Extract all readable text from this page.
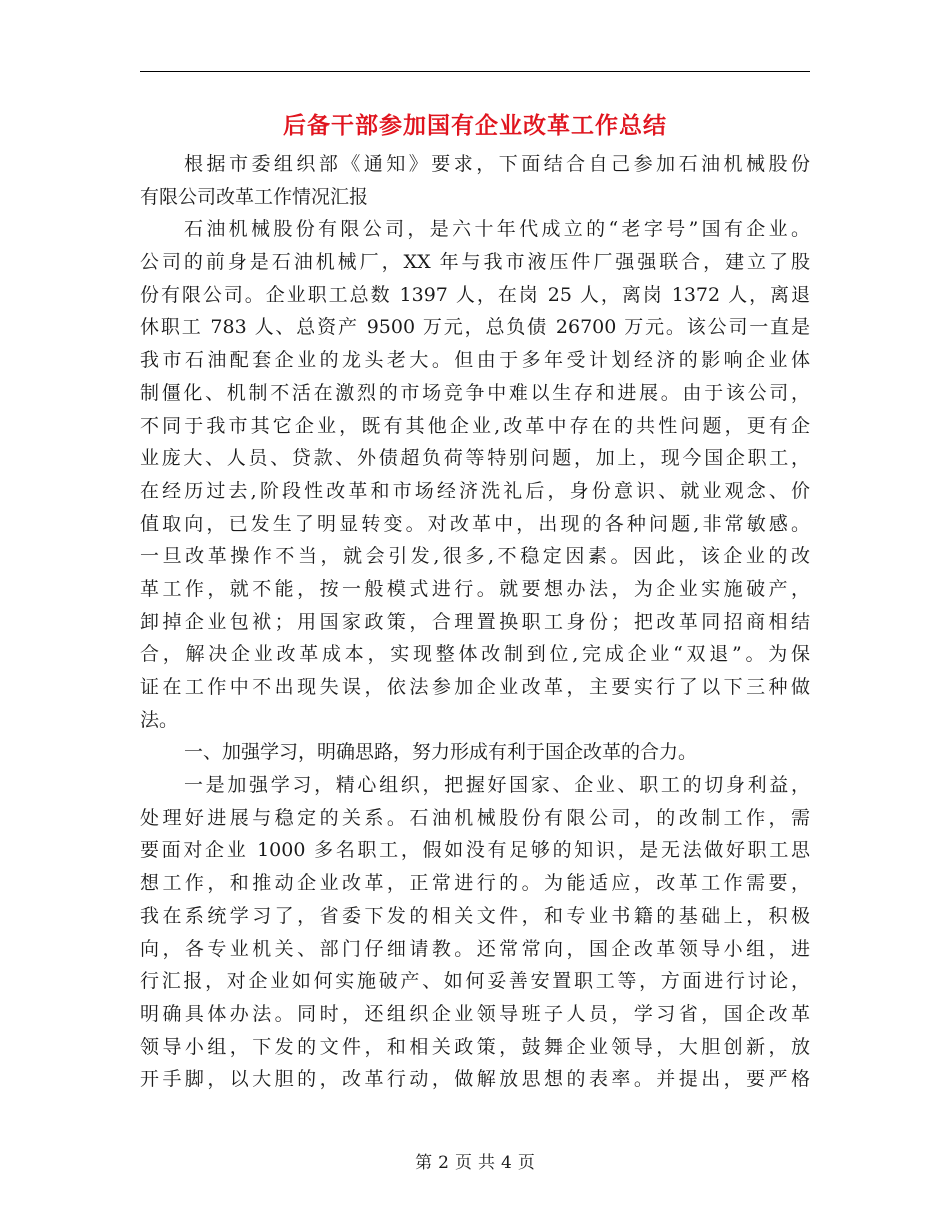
后备干部参加国有企业改革工作总结
根据市委组织部《通知》要求，下面结合自己参加石油机械股份
有限公司改革工作情况汇报
石油机械股份有限公司，是六十年代成立的“老字号”国有企业。
公司的前身是石油机械厂，XX 年与我市液压件厂强强联合，建立了股
份有限公司。企业职工总数 1397 人，在岗 25 人，离岗 1372 人，离退
休职工 783 人、总资产 9500 万元，总负债 26700 万元。该公司一直是
我市石油配套企业的龙头老大。但由于多年受计划经济的影响企业体
制僵化、机制不活在激烈的市场竞争中难以生存和进展。由于该公司，
不同于我市其它企业，既有其他企业,改革中存在的共性问题，更有企
业庞大、人员、贷款、外债超负荷等特别问题，加上，现今国企职工，
在经历过去,阶段性改革和市场经济洗礼后，身份意识、就业观念、价
值取向，已发生了明显转变。对改革中，出现的各种问题,非常敏感。
一旦改革操作不当，就会引发,很多,不稳定因素。因此，该企业的改
革工作，就不能，按一般模式进行。就要想办法，为企业实施破产，
卸掉企业包袱；用国家政策，合理置换职工身份；把改革同招商相结
合，解决企业改革成本，实现整体改制到位,完成企业“双退”。为保
证在工作中不出现失误，依法参加企业改革，主要实行了以下三种做
法。
一、加强学习，明确思路，努力形成有利于国企改革的合力。
一是加强学习，精心组织，把握好国家、企业、职工的切身利益，
处理好进展与稳定的关系。石油机械股份有限公司，的改制工作，需
要面对企业 1000 多名职工，假如没有足够的知识，是无法做好职工思
想工作，和推动企业改革，正常进行的。为能适应，改革工作需要，
我在系统学习了，省委下发的相关文件，和专业书籍的基础上，积极
向，各专业机关、部门仔细请教。还常常向，国企改革领导小组，进
行汇报，对企业如何实施破产、如何妥善安置职工等，方面进行讨论，
明确具体办法。同时，还组织企业领导班子人员，学习省，国企改革
领导小组，下发的文件，和相关政策，鼓舞企业领导，大胆创新，放
开手脚，以大胆的，改革行动，做解放思想的表率。并提出，要严格
第 2 页 共 4 页
